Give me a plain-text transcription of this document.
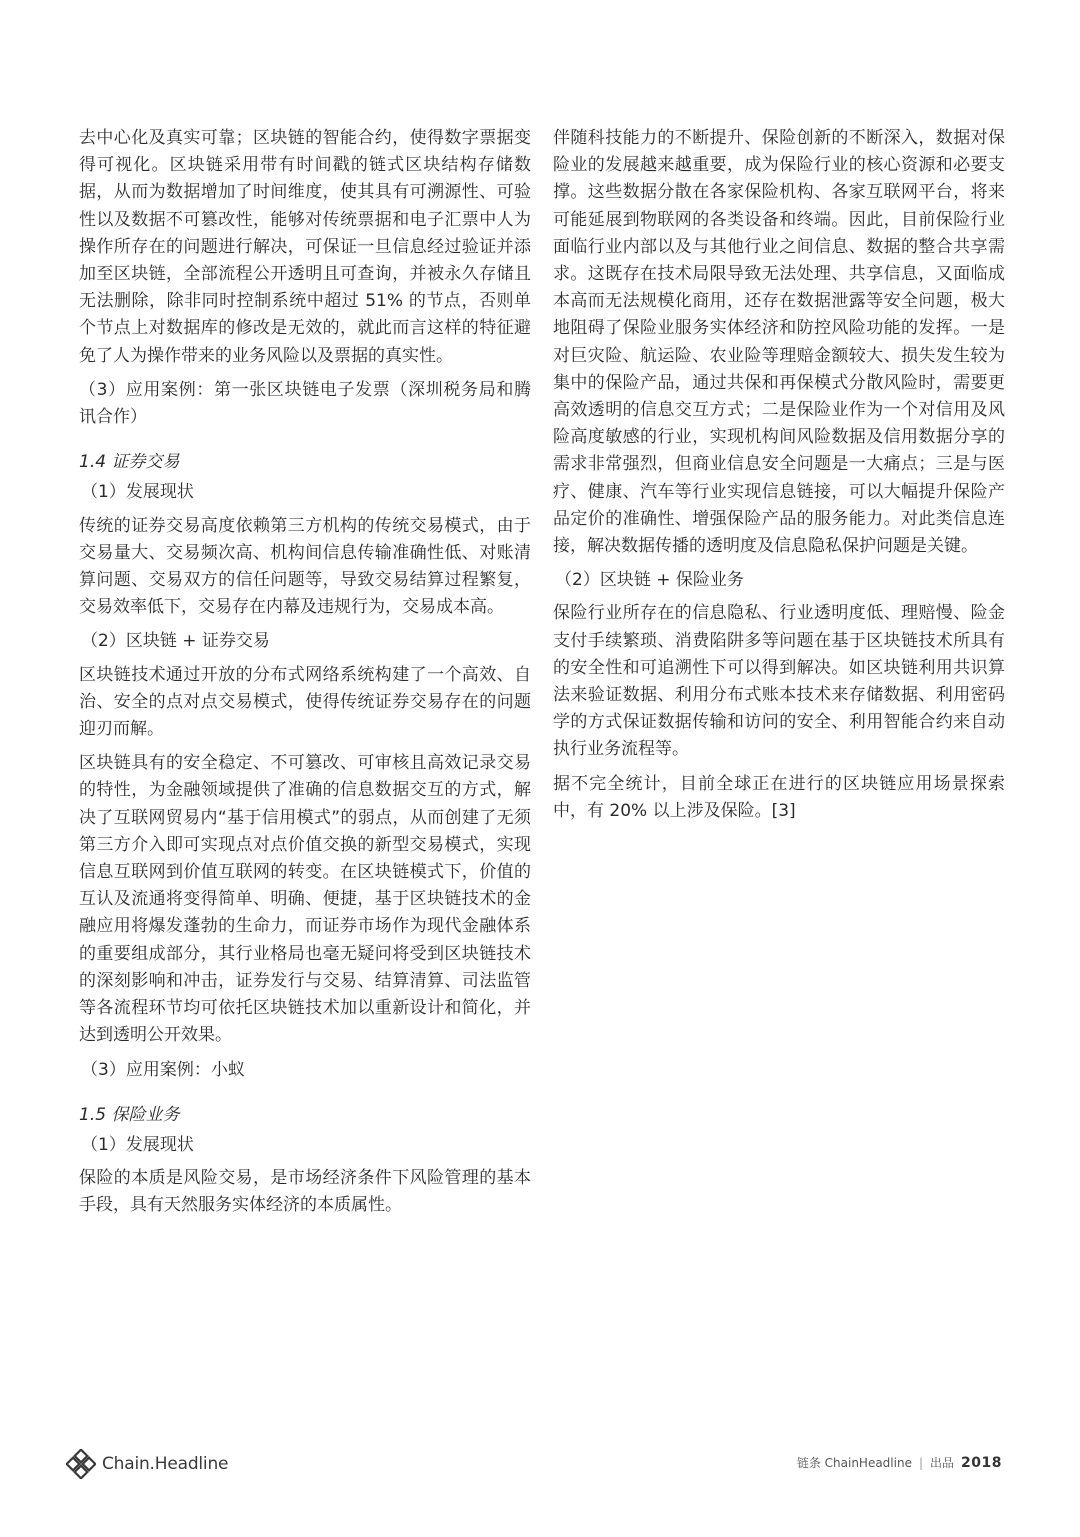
去中心化及真实可靠；区块链的智能合约，使得数字票据变得可视化。区块链采用带有时间戳的链式区块结构存储数据，从而为数据增加了时间维度，使其具有可溯源性、可验性以及数据不可篡改性，能够对传统票据和电子汇票中人为操作所存在的问题进行解决，可保证一旦信息经过验证并添加至区块链，全部流程公开透明且可查询，并被永久存储且无法删除，除非同时控制系统中超过 51% 的节点，否则单个节点上对数据库的修改是无效的，就此而言这样的特征避免了人为操作带来的业务风险以及票据的真实性。

（3）应用案例：第一张区块链电子发票（深圳税务局和腾讯合作）

1.4 证券交易

（1）发展现状

传统的证券交易高度依赖第三方机构的传统交易模式，由于交易量大、交易频次高、机构间信息传输准确性低、对账清算问题、交易双方的信任问题等，导致交易结算过程繁复，交易效率低下，交易存在内幕及违规行为，交易成本高。

（2）区块链 + 证券交易

区块链技术通过开放的分布式网络系统构建了一个高效、自治、安全的点对点交易模式，使得传统证券交易存在的问题迎刃而解。

区块链具有的安全稳定、不可篡改、可审核且高效记录交易的特性，为金融领域提供了准确的信息数据交互的方式，解决了互联网贸易内“基于信用模式”的弱点，从而创建了无须第三方介入即可实现点对点价值交换的新型交易模式，实现信息互联网到价值互联网的转变。在区块链模式下，价值的互认及流通将变得简单、明确、便捷，基于区块链技术的金融应用将爆发蓬勃的生命力，而证券市场作为现代金融体系的重要组成部分，其行业格局也毫无疑问将受到区块链技术的深刻影响和冲击，证券发行与交易、结算清算、司法监管等各流程环节均可依托区块链技术加以重新设计和简化，并达到透明公开效果。

（3）应用案例：小蚁

1.5 保险业务

（1）发展现状

保险的本质是风险交易，是市场经济条件下风险管理的基本手段，具有天然服务实体经济的本质属性。

伴随科技能力的不断提升、保险创新的不断深入，数据对保险业的发展越来越重要，成为保险行业的核心资源和必要支撑。这些数据分散在各家保险机构、各家互联网平台，将来可能延展到物联网的各类设备和终端。因此，目前保险行业面临行业内部以及与其他行业之间信息、数据的整合共享需求。这既存在技术局限导致无法处理、共享信息，又面临成本高而无法规模化商用，还存在数据泄露等安全问题，极大地阻碍了保险业服务实体经济和防控风险功能的发挥。一是对巨灾险、航运险、农业险等理赔金额较大、损失发生较为集中的保险产品，通过共保和再保模式分散风险时，需要更高效透明的信息交互方式；二是保险业作为一个对信用及风险高度敏感的行业，实现机构间风险数据及信用数据分享的需求非常强烈，但商业信息安全问题是一大痛点；三是与医疗、健康、汽车等行业实现信息链接，可以大幅提升保险产品定价的准确性、增强保险产品的服务能力。对此类信息连接，解决数据传播的透明度及信息隐私保护问题是关键。

（2）区块链 + 保险业务

保险行业所存在的信息隐私、行业透明度低、理赔慢、险金支付手续繁琐、消费陷阱多等问题在基于区块链技术所具有的安全性和可追溯性下可以得到解决。如区块链利用共识算法来验证数据、利用分布式账本技术来存储数据、利用密码学的方式保证数据传输和访问的安全、利用智能合约来自动执行业务流程等。

据不完全统计，目前全球正在进行的区块链应用场景探索中，有 20% 以上涉及保险。[3]

Chain.Headline	链条 ChainHeadline | 出品 2018
